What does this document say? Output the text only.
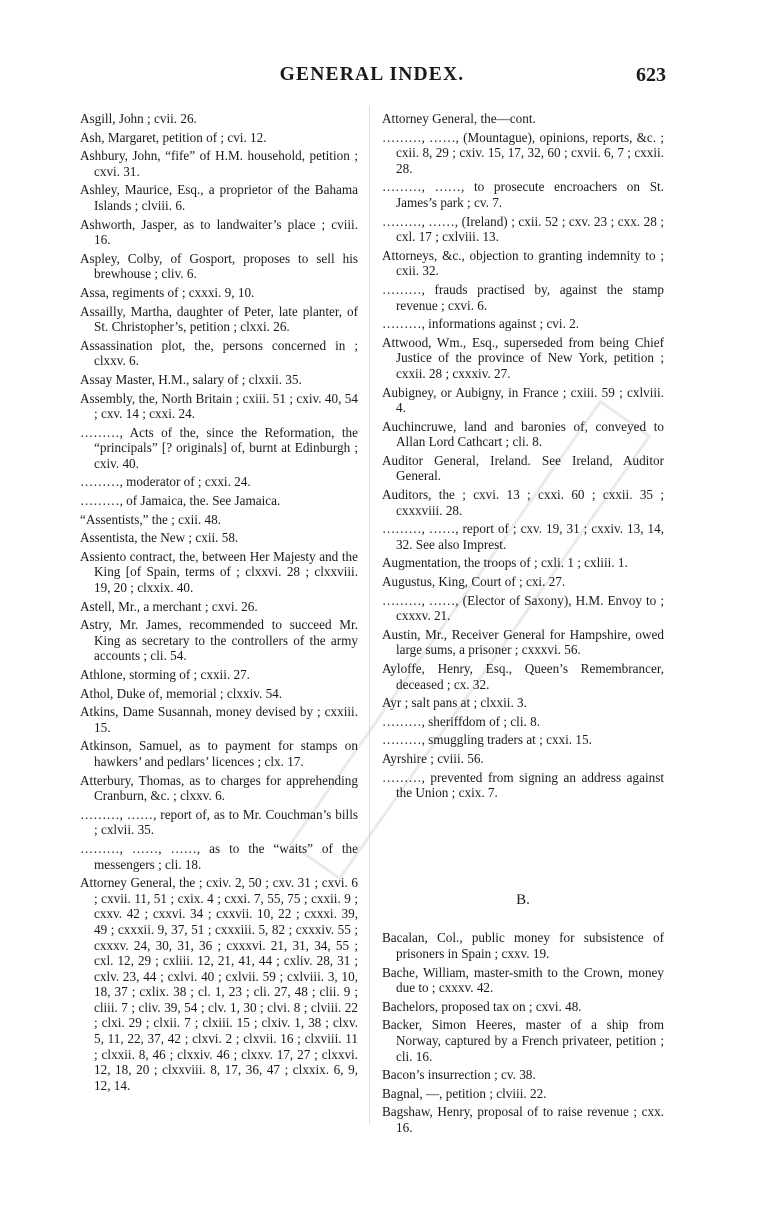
GENERAL INDEX.	623

Asgill, John ; cvii. 26.

Ash, Margaret, petition of ; cvi. 12.

Ashbury, John, “fife” of H.M. household, petition ; cxvi. 31.

Ashley, Maurice, Esq., a proprietor of the Bahama Islands ; clviii. 6.

Ashworth, Jasper, as to landwaiter’s place ; cviii. 16.

Aspley, Colby, of Gosport, proposes to sell his brewhouse ; cliv. 6.

Assa, regiments of ; cxxxi. 9, 10.

Assailly, Martha, daughter of Peter, late planter, of St. Christopher’s, petition ; clxxi. 26.

Assassination plot, the, persons concerned in ; clxxv. 6.

Assay Master, H.M., salary of ; clxxii. 35.

Assembly, the, North Britain ; cxiii. 51 ; cxiv. 40, 54 ; cxv. 14 ; cxxi. 24.

………, Acts of the, since the Reformation, the “principals” [? originals] of, burnt at Edinburgh ; cxiv. 40.

………, moderator of ; cxxi. 24.

………, of Jamaica, the. See Jamaica.

“Assentists,” the ; cxii. 48.

Assentista, the New ; cxii. 58.

Assiento contract, the, between Her Majesty and the King [of Spain, terms of ; clxxvi. 28 ; clxxviii. 19, 20 ; clxxix. 40.

Astell, Mr., a merchant ; cxvi. 26.

Astry, Mr. James, recommended to succeed Mr. King as secretary to the controllers of the army accounts ; cli. 54.

Athlone, storming of ; cxxii. 27.

Athol, Duke of, memorial ; clxxiv. 54.

Atkins, Dame Susannah, money devised by ; cxxiii. 15.

Atkinson, Samuel, as to payment for stamps on hawkers’ and pedlars’ licences ; clx. 17.

Atterbury, Thomas, as to charges for apprehending Cranburn, &c. ; clxxv. 6.

………, ……, report of, as to Mr. Couchman’s bills ; cxlvii. 35.

………, ……, ……, as to the “waits” of the messengers ; cli. 18.

Attorney General, the ; cxiv. 2, 50 ; cxv. 31 ; cxvi. 6 ; cxvii. 11, 51 ; cxix. 4 ; cxxi. 7, 55, 75 ; cxxii. 9 ; cxxv. 42 ; cxxvi. 34 ; cxxvii. 10, 22 ; cxxxi. 39, 49 ; cxxxii. 9, 37, 51 ; cxxxiii. 5, 82 ; cxxxiv. 55 ; cxxxv. 24, 30, 31, 36 ; cxxxvi. 21, 31, 34, 55 ; cxl. 12, 29 ; cxliii. 12, 21, 41, 44 ; cxliv. 28, 31 ; cxlv. 23, 44 ; cxlvi. 40 ; cxlvii. 59 ; cxlviii. 3, 10, 18, 37 ; cxlix. 38 ; cl. 1, 23 ; cli. 27, 48 ; clii. 9 ; cliii. 7 ; cliv. 39, 54 ; clv. 1, 30 ; clvi. 8 ; clviii. 22 ; clxi. 29 ; clxii. 7 ; clxiii. 15 ; clxiv. 1, 38 ; clxv. 5, 11, 22, 37, 42 ; clxvi. 2 ; clxvii. 16 ; clxviii. 11 ; clxxii. 8, 46 ; clxxiv. 46 ; clxxv. 17, 27 ; clxxvi. 12, 18, 20 ; clxxviii. 8, 17, 36, 47 ; clxxix. 6, 9, 12, 14.

Attorney General, the—cont.

………, ……, (Mountague), opinions, reports, &c. ; cxii. 8, 29 ; cxiv. 15, 17, 32, 60 ; cxvii. 6, 7 ; cxxii. 28.

………, ……, to prosecute encroachers on St. James’s park ; cv. 7.

………, ……, (Ireland) ; cxii. 52 ; cxv. 23 ; cxx. 28 ; cxl. 17 ; cxlviii. 13.

Attorneys, &c., objection to granting indemnity to ; cxii. 32.

………, frauds practised by, against the stamp revenue ; cxvi. 6.

………, informations against ; cvi. 2.

Attwood, Wm., Esq., superseded from being Chief Justice of the province of New York, petition ; cxxii. 28 ; cxxxiv. 27.

Aubigney, or Aubigny, in France ; cxiii. 59 ; cxlviii. 4.

Auchincruwe, land and baronies of, conveyed to Allan Lord Cathcart ; cli. 8.

Auditor General, Ireland. See Ireland, Auditor General.

Auditors, the ; cxvi. 13 ; cxxi. 60 ; cxxii. 35 ; cxxxviii. 28.

………, ……, report of ; cxv. 19, 31 ; cxxiv. 13, 14, 32. See also Imprest.

Augmentation, the troops of ; cxli. 1 ; cxliii. 1.

Augustus, King, Court of ; cxi. 27.

………, ……, (Elector of Saxony), H.M. Envoy to ; cxxxv. 21.

Austin, Mr., Receiver General for Hampshire, owed large sums, a prisoner ; cxxxvi. 56.

Ayloffe, Henry, Esq., Queen’s Remembrancer, deceased ; cx. 32.

Ayr ; salt pans at ; clxxii. 3.

………, sheriffdom of ; cli. 8.

………, smuggling traders at ; cxxi. 15.

Ayrshire ; cviii. 56.

………, prevented from signing an address against the Union ; cxix. 7.

B.

Bacalan, Col., public money for subsistence of prisoners in Spain ; cxxv. 19.

Bache, William, master-smith to the Crown, money due to ; cxxxv. 42.

Bachelors, proposed tax on ; cxvi. 48.

Backer, Simon Heeres, master of a ship from Norway, captured by a French privateer, petition ; cli. 16.

Bacon’s insurrection ; cv. 38.

Bagnal, —, petition ; clviii. 22.

Bagshaw, Henry, proposal of to raise revenue ; cxx. 16.
